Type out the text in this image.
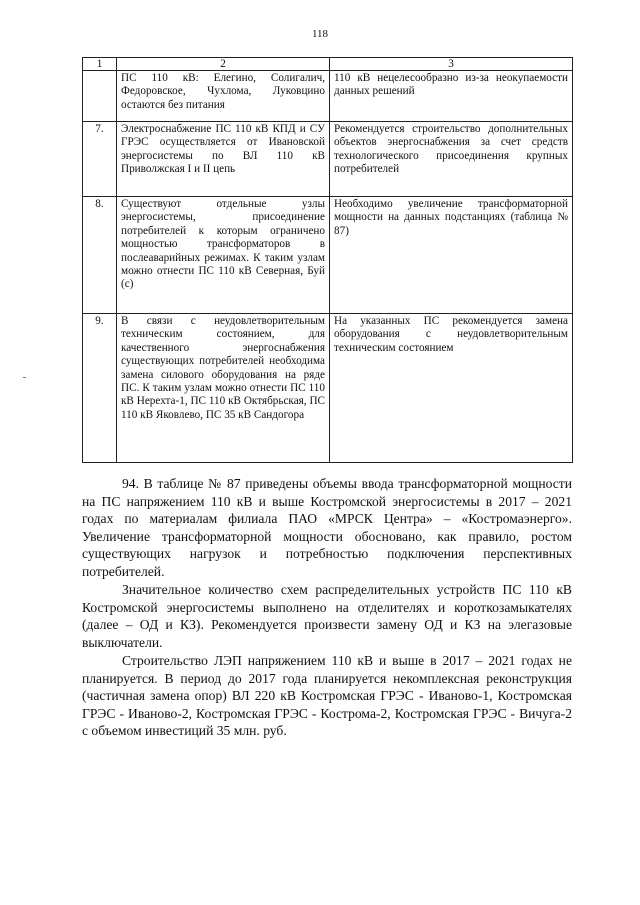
118
1	2	3
	ПС 110 кВ: Елегино, Солигалич, Федоровское, Чухлома, Луковцино остаются без питания	110 кВ нецелесообразно из-за неокупаемости данных решений
7.	Электроснабжение ПС 110 кВ КПД и СУ ГРЭС осуществляется от Ивановской энергосистемы по ВЛ 110 кВ Приволжская I и II цепь	Рекомендуется строительство дополнительных объектов энергоснабжения за счет средств технологического присоединения крупных потребителей
8.	Существуют отдельные узлы энергосистемы, присоединение потребителей к которым ограничено мощностью трансформаторов в послеаварийных режимах. К таким узлам можно отнести ПС 110 кВ Северная, Буй (с)	Необходимо увеличение трансформаторной мощности на данных подстанциях (таблица № 87)
9.	В связи с неудовлетворительным техническим состоянием, для качественного энергоснабжения существующих потребителей необходима замена силового оборудования на ряде ПС. К таким узлам можно отнести ПС 110 кВ Нерехта-1, ПС 110 кВ Октябрьская, ПС 110 кВ Яковлево, ПС 35 кВ Сандогора	На указанных ПС рекомендуется замена оборудования с неудовлетворительным техническим состоянием

94. В таблице № 87 приведены объемы ввода трансформаторной мощности на ПС напряжением 110 кВ и выше Костромской энергосистемы в 2017 – 2021 годах по материалам филиала ПАО «МРСК Центра» – «Костромаэнерго». Увеличение трансформаторной мощности обосновано, как правило, ростом существующих нагрузок и потребностью подключения перспективных потребителей.

Значительное количество схем распределительных устройств ПС 110 кВ Костромской энергосистемы выполнено на отделителях и короткозамыкателях (далее – ОД и КЗ). Рекомендуется произвести замену ОД и КЗ на элегазовые выключатели.

Строительство ЛЭП напряжением 110 кВ и выше в 2017 – 2021 годах не планируется. В период до 2017 года планируется некомплексная реконструкция (частичная замена опор) ВЛ 220 кВ Костромская ГРЭС - Иваново-1, Костромская ГРЭС - Иваново-2, Костромская ГРЭС - Кострома-2, Костромская ГРЭС - Вичуга-2 с объемом инвестиций 35 млн. руб.
